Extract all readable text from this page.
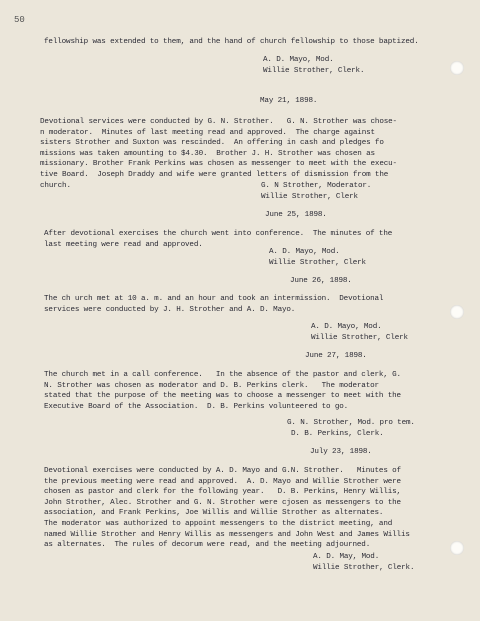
50
fellowship was extended to them, and the hand of church fellowship to those baptized.
A. D. Mayo, Mod.
Willie Strother, Clerk.
May 21, 1898.
Devotional services were conducted by G. N. Strother.   G. N. Strother was chose-
n moderator.  Minutes of last meeting read and approved.  The charge against
sisters Strother and Suxton was rescinded.  An offering in cash and pledges fo
missions was taken amounting to $4.30.  Brother J. H. Strother was chosen as
missionary. Brother Frank Perkins was chosen as messenger to meet with the execu-
tive Board.  Joseph Draddy and wife were granted letters of dismission from the
church.	G. N Strother, Moderator.
Willie Strother, Clerk
June 25, 1898.
After devotional exercises the church went into conference.  The minutes of the
last meeting were read and approved.
A. D. Mayo, Mod.
Willie Strother, Clerk
June 26, 1898.
The ch urch met at 10 a. m. and an hour and took an intermission.  Devotional
services were conducted by J. H. Strother and A. D. Mayo.
A. D. Mayo, Mod.
Willie Strother, Clerk
June 27, 1898.
The church met in a call conference.   In the absence of the pastor and clerk, G.
N. Strother was chosen as moderator and D. B. Perkins clerk.   The moderator
stated that the purpose of the meeting was to choose a messenger to meet with the
Executive Board of the Association.  D. B. Perkins volunteered to go.
G. N. Strother, Mod. pro tem.
D. B. Perkins, Clerk.
July 23, 1898.
Devotional exercises were conducted by A. D. Mayo and G.N. Strother.   Minutes of
the previous meeting were read and approved.  A. D. Mayo and Willie Strother were
chosen as pastor and clerk for the following year.   D. B. Perkins, Henry Willis,
John Strother, Alec. Strother and G. N. Strother were cjosen as messengers to the
association, and Frank Perkins, Joe Willis and Willie Strother as alternates.
The moderator was authorized to appoint messengers to the district meeting, and
named Willie Strother and Henry Willis as messengers and John West and James Willis
as alternates.  The rules of decorum were read, and the meeting adjourned.
A. D. May, Mod.
Willie Strother, Clerk.
